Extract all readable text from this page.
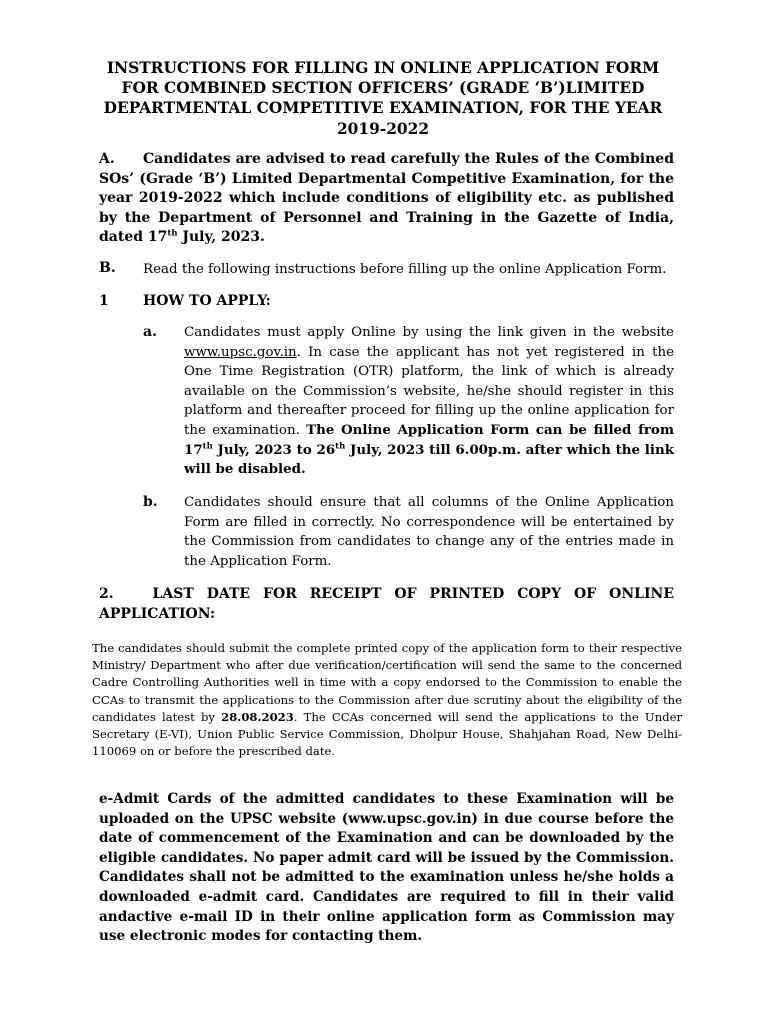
INSTRUCTIONS FOR FILLING IN ONLINE APPLICATION FORM
FOR COMBINED SECTION OFFICERS’ (GRADE ‘B’)LIMITED
DEPARTMENTAL COMPETITIVE EXAMINATION, FOR THE YEAR
2019-2022
A.	Candidates are advised to read carefully the Rules of the Combined SOs’ (Grade ‘B’) Limited Departmental Competitive Examination, for the year 2019-2022 which include conditions of eligibility etc. as published by the Department of Personnel and Training in the Gazette of India, dated 17th July, 2023.
B. Read the following instructions before filling up the online Application Form.
1 HOW TO APPLY:
a. Candidates must apply Online by using the link given in the website www.upsc.gov.in. In case the applicant has not yet registered in the One Time Registration (OTR) platform, the link of which is already available on the Commission’s website, he/she should register in this platform and thereafter proceed for filling up the online application for the examination. The Online Application Form can be filled from 17th July, 2023 to 26th July, 2023 till 6.00p.m. after which the link will be disabled.
b. Candidates should ensure that all columns of the Online Application Form are filled in correctly. No correspondence will be entertained by the Commission from candidates to change any of the entries made in the Application Form.
2.	LAST DATE FOR RECEIPT OF PRINTED COPY OF ONLINE APPLICATION:
The candidates should submit the complete printed copy of the application form to their respective Ministry/ Department who after due verification/certification will send the same to the concerned Cadre Controlling Authorities well in time with a copy endorsed to the Commission to enable the CCAs to transmit the applications to the Commission after due scrutiny about the eligibility of the candidates latest by 28.08.2023. The CCAs concerned will send the applications to the Under Secretary (E-VI), Union Public Service Commission, Dholpur House, Shahjahan Road, New Delhi-110069 on or before the prescribed date.
e-Admit Cards of the admitted candidates to these Examination will be uploaded on the UPSC website (www.upsc.gov.in) in due course before the date of commencement of the Examination and can be downloaded by the eligible candidates. No paper admit card will be issued by the Commission. Candidates shall not be admitted to the examination unless he/she holds a downloaded e-admit card. Candidates are required to fill in their valid andactive e-mail ID in their online application form as Commission may use electronic modes for contacting them.
